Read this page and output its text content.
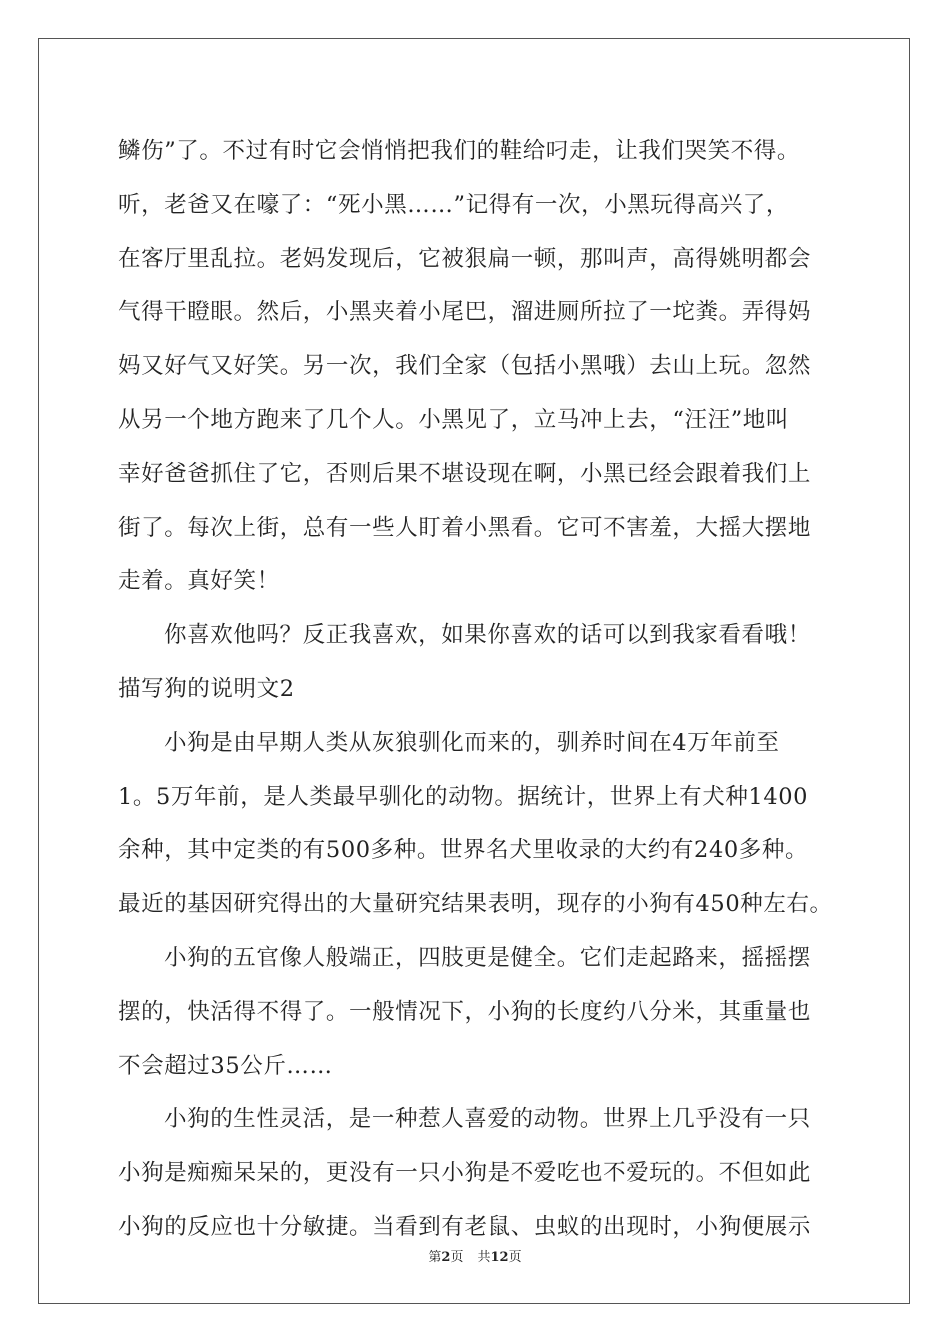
鳞伤”了。不过有时它会悄悄把我们的鞋给叼走，让我们哭笑不得。
听，老爸又在嚎了：“死小黑……”记得有一次，小黑玩得高兴了，
在客厅里乱拉。老妈发现后，它被狠扁一顿，那叫声，高得姚明都会
气得干瞪眼。然后，小黑夹着小尾巴，溜进厕所拉了一坨粪。弄得妈
妈又好气又好笑。另一次，我们全家（包括小黑哦）去山上玩。忽然
从另一个地方跑来了几个人。小黑见了，立马冲上去，“汪汪”地叫
幸好爸爸抓住了它，否则后果不堪设现在啊，小黑已经会跟着我们上
街了。每次上街，总有一些人盯着小黑看。它可不害羞，大摇大摆地
走着。真好笑！
你喜欢他吗？反正我喜欢，如果你喜欢的话可以到我家看看哦！
描写狗的说明文2
小狗是由早期人类从灰狼驯化而来的，驯养时间在4万年前至
1。5万年前，是人类最早驯化的动物。据统计，世界上有犬种1400
余种，其中定类的有500多种。世界名犬里收录的大约有240多种。
最近的基因研究得出的大量研究结果表明，现存的小狗有450种左右。
小狗的五官像人般端正，四肢更是健全。它们走起路来，摇摇摆
摆的，快活得不得了。一般情况下，小狗的长度约八分米，其重量也
不会超过35公斤……
小狗的生性灵活，是一种惹人喜爱的动物。世界上几乎没有一只
小狗是痴痴呆呆的，更没有一只小狗是不爱吃也不爱玩的。不但如此
小狗的反应也十分敏捷。当看到有老鼠、虫蚁的出现时，小狗便展示
第2页 共12页
